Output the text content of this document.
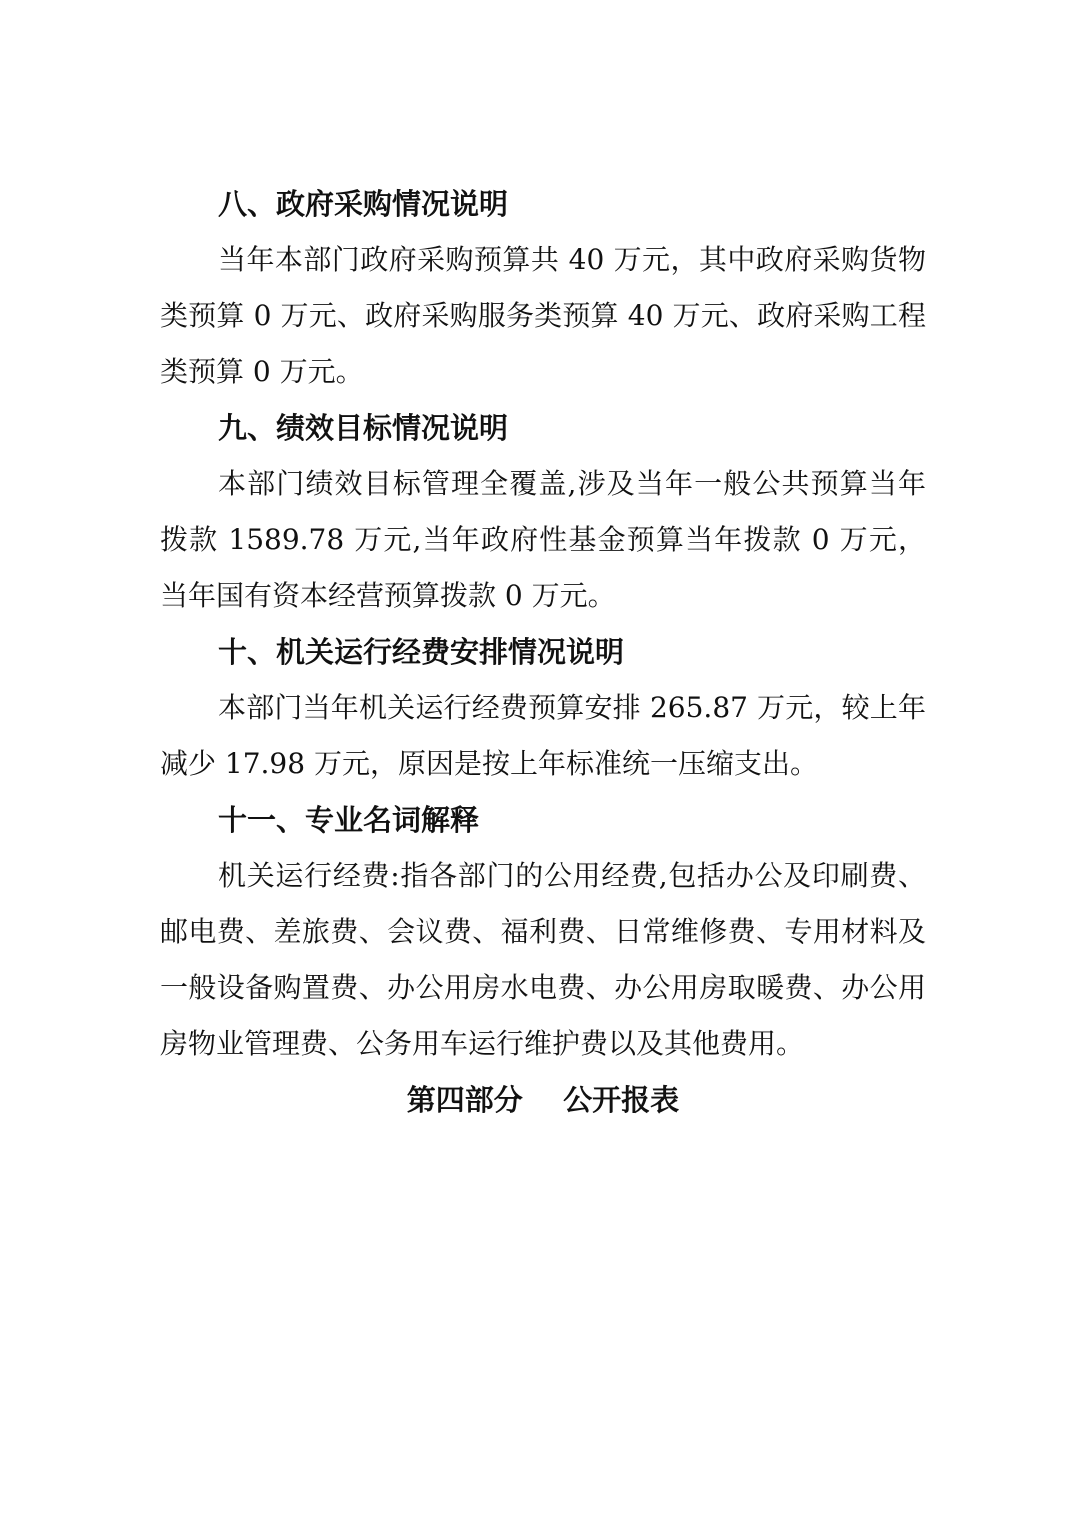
八、政府采购情况说明

当年本部门政府采购预算共 40 万元，其中政府采购货物类预算 0 万元、政府采购服务类预算 40 万元、政府采购工程类预算 0 万元。

九、绩效目标情况说明

本部门绩效目标管理全覆盖,涉及当年一般公共预算当年拨款 1589.78 万元,当年政府性基金预算当年拨款 0 万元，当年国有资本经营预算拨款 0 万元。

十、机关运行经费安排情况说明

本部门当年机关运行经费预算安排 265.87 万元，较上年减少 17.98 万元，原因是按上年标准统一压缩支出。

十一、专业名词解释

机关运行经费:指各部门的公用经费,包括办公及印刷费、邮电费、差旅费、会议费、福利费、日常维修费、专用材料及一般设备购置费、办公用房水电费、办公用房取暖费、办公用房物业管理费、公务用车运行维护费以及其他费用。

第四部分    公开报表
